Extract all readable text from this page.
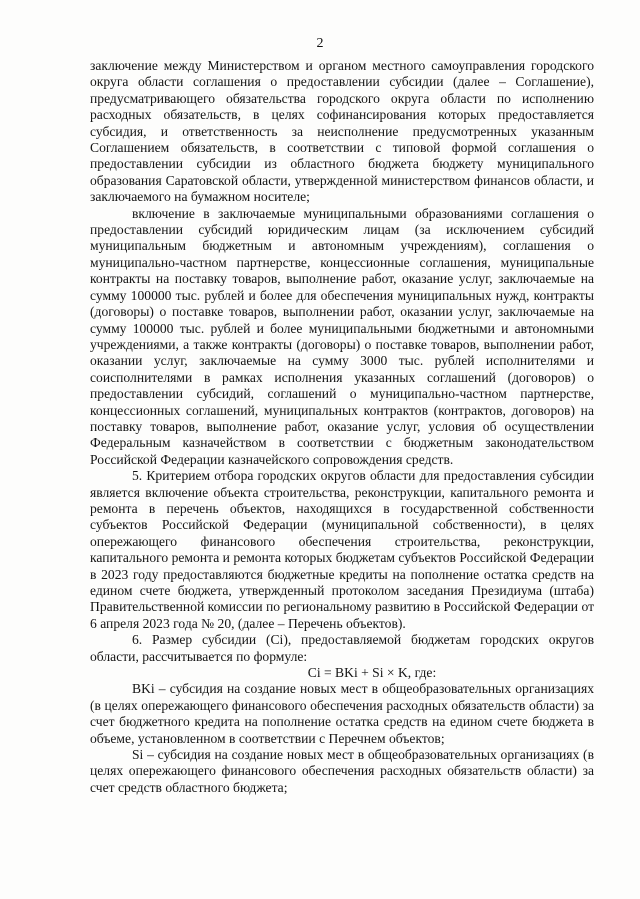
2

заключение между Министерством и органом местного самоуправления городского округа области соглашения о предоставлении субсидии (далее – Соглашение), предусматривающего обязательства городского округа области по исполнению расходных обязательств, в целях софинансирования которых предоставляется субсидия, и ответственность за неисполнение предусмотренных указанным Соглашением обязательств, в соответствии с типовой формой соглашения о предоставлении субсидии из областного бюджета бюджету муниципального образования Саратовской области, утвержденной министерством финансов области, и заключаемого на бумажном носителе;

включение в заключаемые муниципальными образованиями соглашения о предоставлении субсидий юридическим лицам (за исключением субсидий муниципальным бюджетным и автономным учреждениям), соглашения о муниципально-частном партнерстве, концессионные соглашения, муниципальные контракты на поставку товаров, выполнение работ, оказание услуг, заключаемые на сумму 100000 тыс. рублей и более для обеспечения муниципальных нужд, контракты (договоры) о поставке товаров, выполнении работ, оказании услуг, заключаемые на сумму 100000 тыс. рублей и более муниципальными бюджетными и автономными учреждениями, а также контракты (договоры) о поставке товаров, выполнении работ, оказании услуг, заключаемые на сумму 3000 тыс. рублей исполнителями и соисполнителями в рамках исполнения указанных соглашений (договоров) о предоставлении субсидий, соглашений о муниципально-частном партнерстве, концессионных соглашений, муниципальных контрактов (контрактов, договоров) на поставку товаров, выполнение работ, оказание услуг, условия об осуществлении Федеральным казначейством в соответствии с бюджетным законодательством Российской Федерации казначейского сопровождения средств.

5. Критерием отбора городских округов области для предоставления субсидии является включение объекта строительства, реконструкции, капитального ремонта и ремонта в перечень объектов, находящихся в государственной собственности субъектов Российской Федерации (муниципальной собственности), в целях опережающего финансового обеспечения строительства, реконструкции, капитального ремонта и ремонта которых бюджетам субъектов Российской Федерации в 2023 году предоставляются бюджетные кредиты на пополнение остатка средств на едином счете бюджета, утвержденный протоколом заседания Президиума (штаба) Правительственной комиссии по региональному развитию в Российской Федерации от 6 апреля 2023 года № 20, (далее – Перечень объектов).

6. Размер субсидии (Сi), предоставляемой бюджетам городских округов области, рассчитывается по формуле:

Сi = BKi + Si × K, где:

BKi – субсидия на создание новых мест в общеобразовательных организациях (в целях опережающего финансового обеспечения расходных обязательств области) за счет бюджетного кредита на пополнение остатка средств на едином счете бюджета в объеме, установленном в соответствии с Перечнем объектов;

Si – субсидия на создание новых мест в общеобразовательных организациях (в целях опережающего финансового обеспечения расходных обязательств области) за счет средств областного бюджета;
